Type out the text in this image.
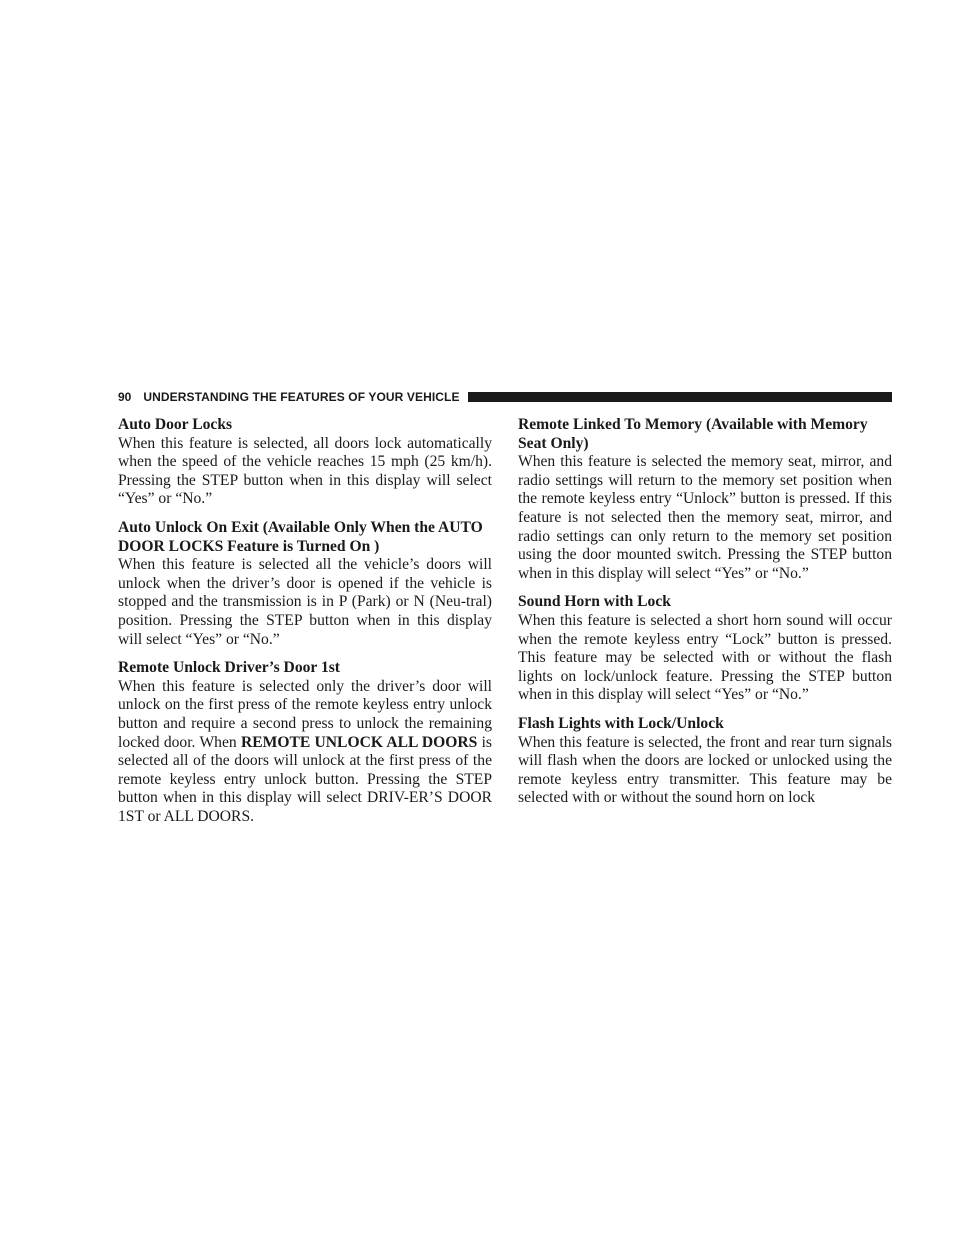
90 UNDERSTANDING THE FEATURES OF YOUR VEHICLE

Auto Door Locks

When this feature is selected, all doors lock automatically when the speed of the vehicle reaches 15 mph (25 km/h). Pressing the STEP button when in this display will select “Yes” or “No.”

Auto Unlock On Exit (Available Only When the AUTO DOOR LOCKS Feature is Turned On )

When this feature is selected all the vehicle’s doors will unlock when the driver’s door is opened if the vehicle is stopped and the transmission is in P (Park) or N (Neu-tral) position. Pressing the STEP button when in this display will select “Yes” or “No.”

Remote Unlock Driver’s Door 1st

When this feature is selected only the driver’s door will unlock on the first press of the remote keyless entry unlock button and require a second press to unlock the remaining locked door. When REMOTE UNLOCK ALL DOORS is selected all of the doors will unlock at the first press of the remote keyless entry unlock button. Pressing the STEP button when in this display will select DRIV-ER’S DOOR 1ST or ALL DOORS.

Remote Linked To Memory (Available with Memory Seat Only)

When this feature is selected the memory seat, mirror, and radio settings will return to the memory set position when the remote keyless entry “Unlock” button is pressed. If this feature is not selected then the memory seat, mirror, and radio settings can only return to the memory set position using the door mounted switch. Pressing the STEP button when in this display will select “Yes” or “No.”

Sound Horn with Lock

When this feature is selected a short horn sound will occur when the remote keyless entry “Lock” button is pressed. This feature may be selected with or without the flash lights on lock/unlock feature. Pressing the STEP button when in this display will select “Yes” or “No.”

Flash Lights with Lock/Unlock

When this feature is selected, the front and rear turn signals will flash when the doors are locked or unlocked using the remote keyless entry transmitter. This feature may be selected with or without the sound horn on lock
